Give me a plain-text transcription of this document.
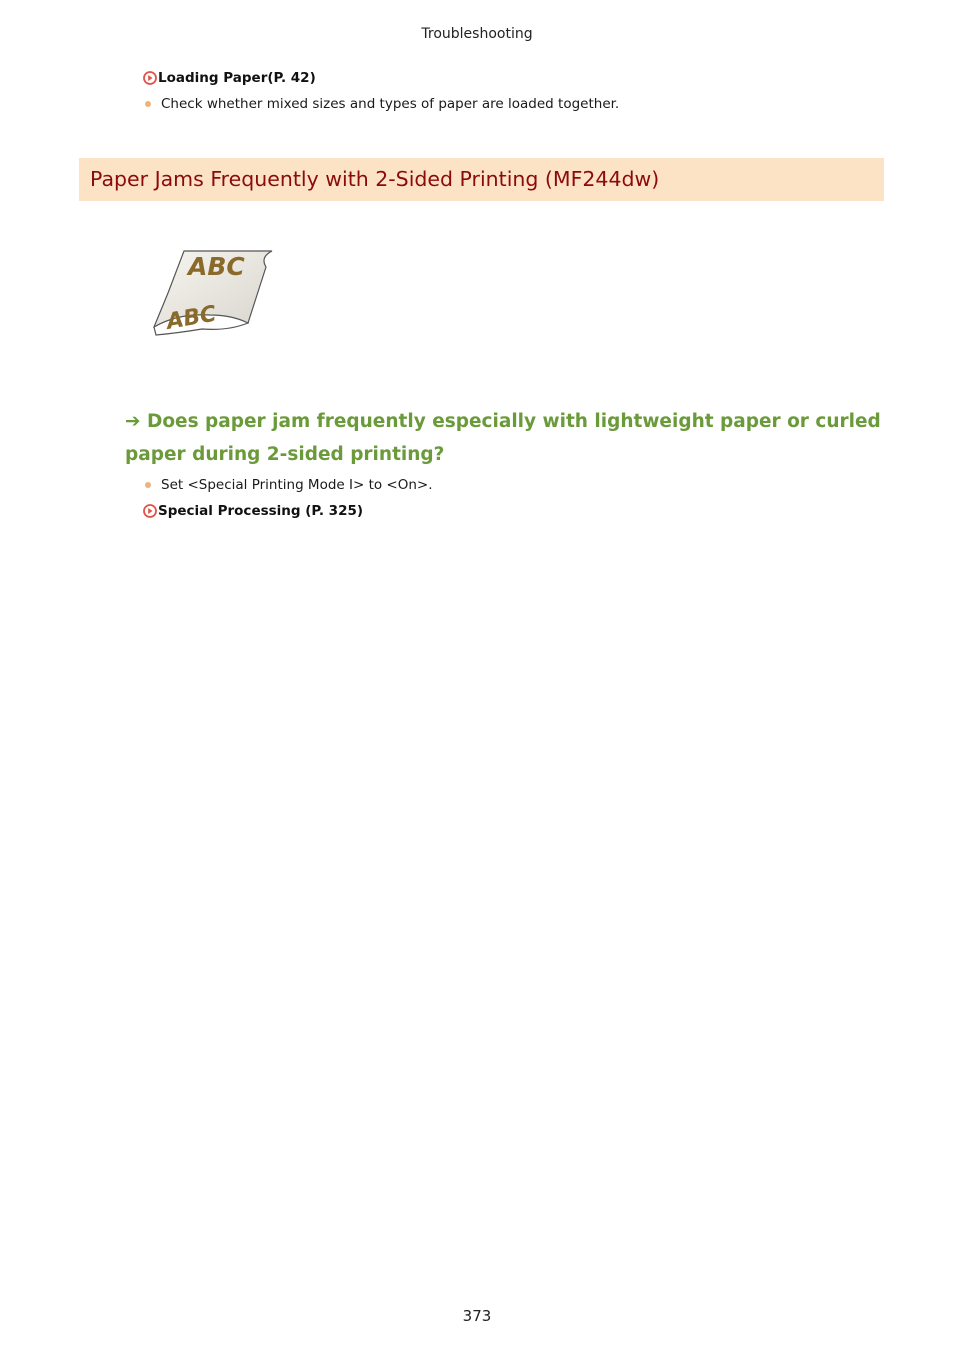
Troubleshooting
Loading Paper(P. 42)
Check whether mixed sizes and types of paper are loaded together.
Paper Jams Frequently with 2-Sided Printing (MF244dw)
ABC
ABC
➔ Does paper jam frequently especially with lightweight paper or curled paper during 2-sided printing?
Set <Special Printing Mode I> to <On>.
Special Processing (P. 325)
373
